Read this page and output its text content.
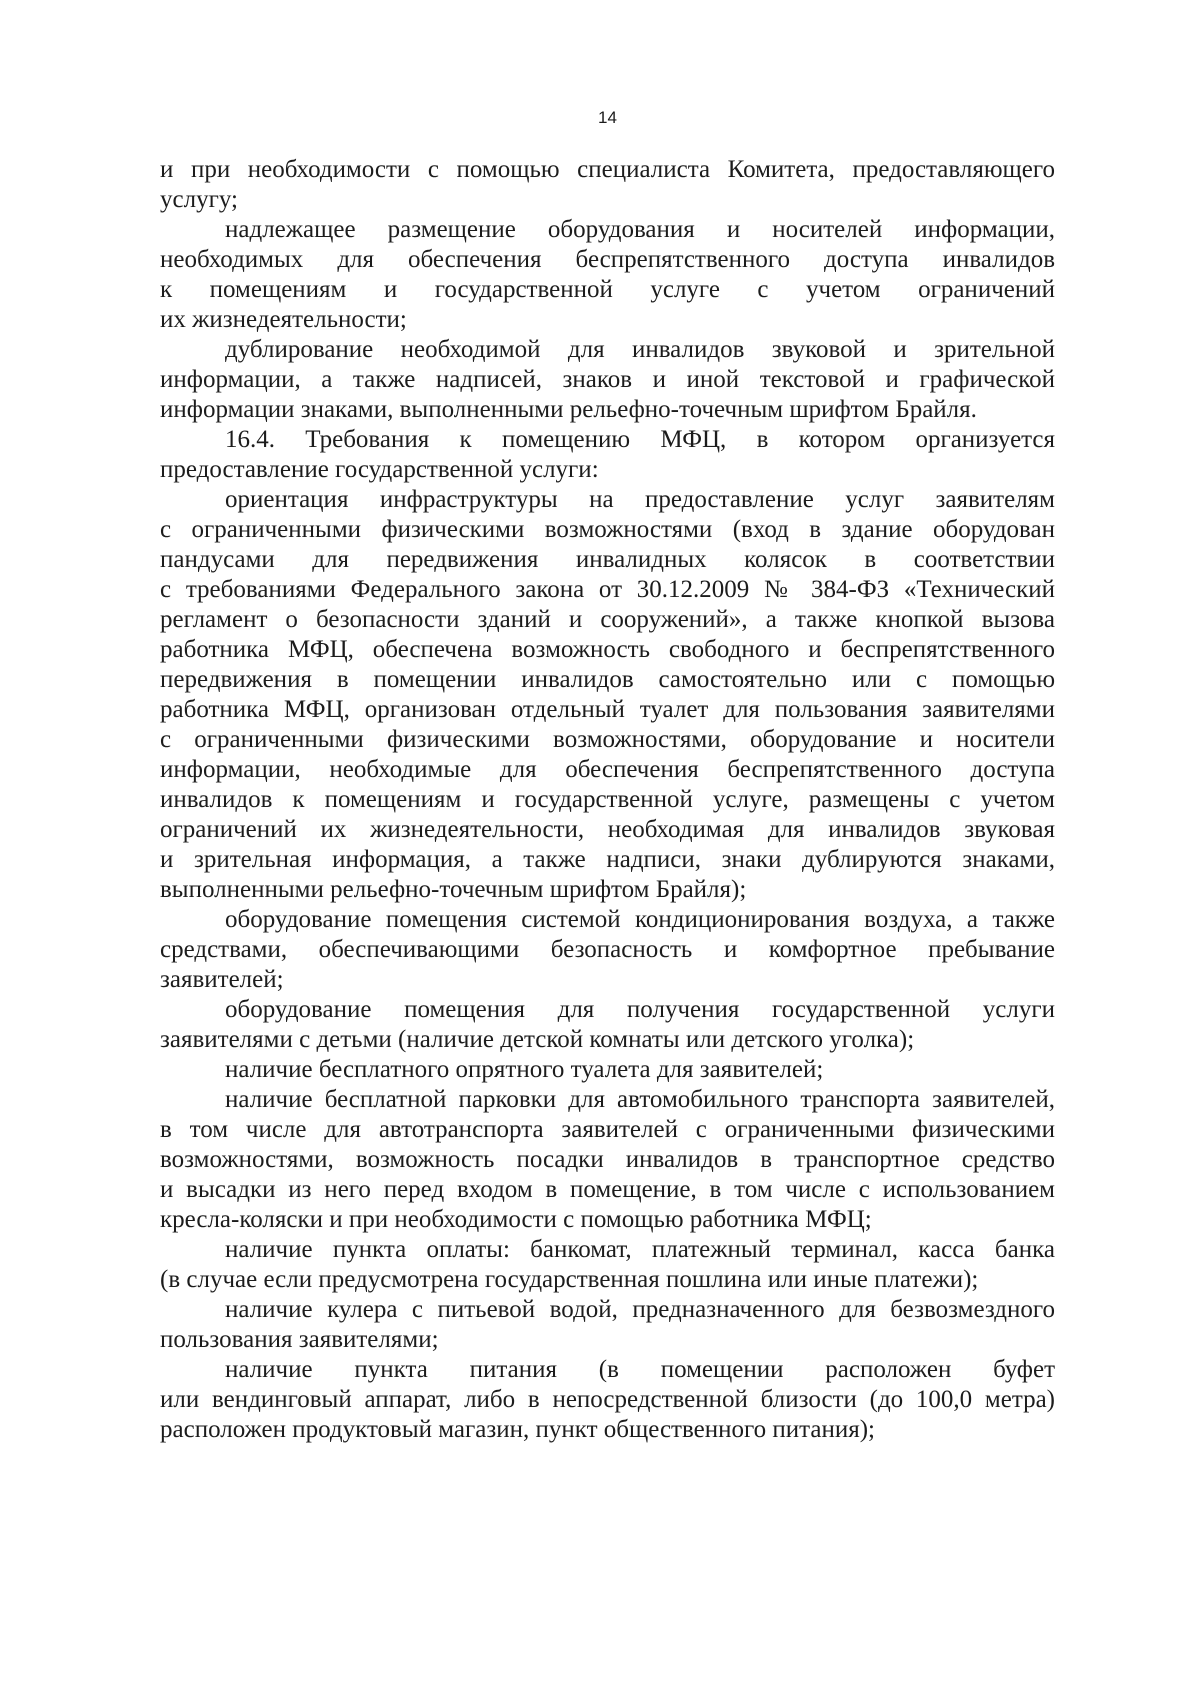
14

и при необходимости с помощью специалиста Комитета, предоставляющего
услугу;

надлежащее размещение оборудования и носителей информации,
необходимых для обеспечения беспрепятственного доступа инвалидов
к помещениям и государственной услуге с учетом ограничений
их жизнедеятельности;

дублирование необходимой для инвалидов звуковой и зрительной
информации, а также надписей, знаков и иной текстовой и графической
информации знаками, выполненными рельефно-точечным шрифтом Брайля.

16.4. Требования к помещению МФЦ, в котором организуется
предоставление государственной услуги:

ориентация инфраструктуры на предоставление услуг заявителям
с ограниченными физическими возможностями (вход в здание оборудован
пандусами для передвижения инвалидных колясок в соответствии
с требованиями Федерального закона от 30.12.2009 № 384-ФЗ «Технический
регламент о безопасности зданий и сооружений», а также кнопкой вызова
работника МФЦ, обеспечена возможность свободного и беспрепятственного
передвижения в помещении инвалидов самостоятельно или с помощью
работника МФЦ, организован отдельный туалет для пользования заявителями
с ограниченными физическими возможностями, оборудование и носители
информации, необходимые для обеспечения беспрепятственного доступа
инвалидов к помещениям и государственной услуге, размещены с учетом
ограничений их жизнедеятельности, необходимая для инвалидов звуковая
и зрительная информация, а также надписи, знаки дублируются знаками,
выполненными рельефно-точечным шрифтом Брайля);

оборудование помещения системой кондиционирования воздуха, а также
средствами, обеспечивающими безопасность и комфортное пребывание
заявителей;

оборудование помещения для получения государственной услуги
заявителями с детьми (наличие детской комнаты или детского уголка);

наличие бесплатного опрятного туалета для заявителей;

наличие бесплатной парковки для автомобильного транспорта заявителей,
в том числе для автотранспорта заявителей с ограниченными физическими
возможностями, возможность посадки инвалидов в транспортное средство
и высадки из него перед входом в помещение, в том числе с использованием
кресла-коляски и при необходимости с помощью работника МФЦ;

наличие пункта оплаты: банкомат, платежный терминал, касса банка
(в случае если предусмотрена государственная пошлина или иные платежи);

наличие кулера с питьевой водой, предназначенного для безвозмездного
пользования заявителями;

наличие пункта питания (в помещении расположен буфет
или вендинговый аппарат, либо в непосредственной близости (до 100,0 метра)
расположен продуктовый магазин, пункт общественного питания);
